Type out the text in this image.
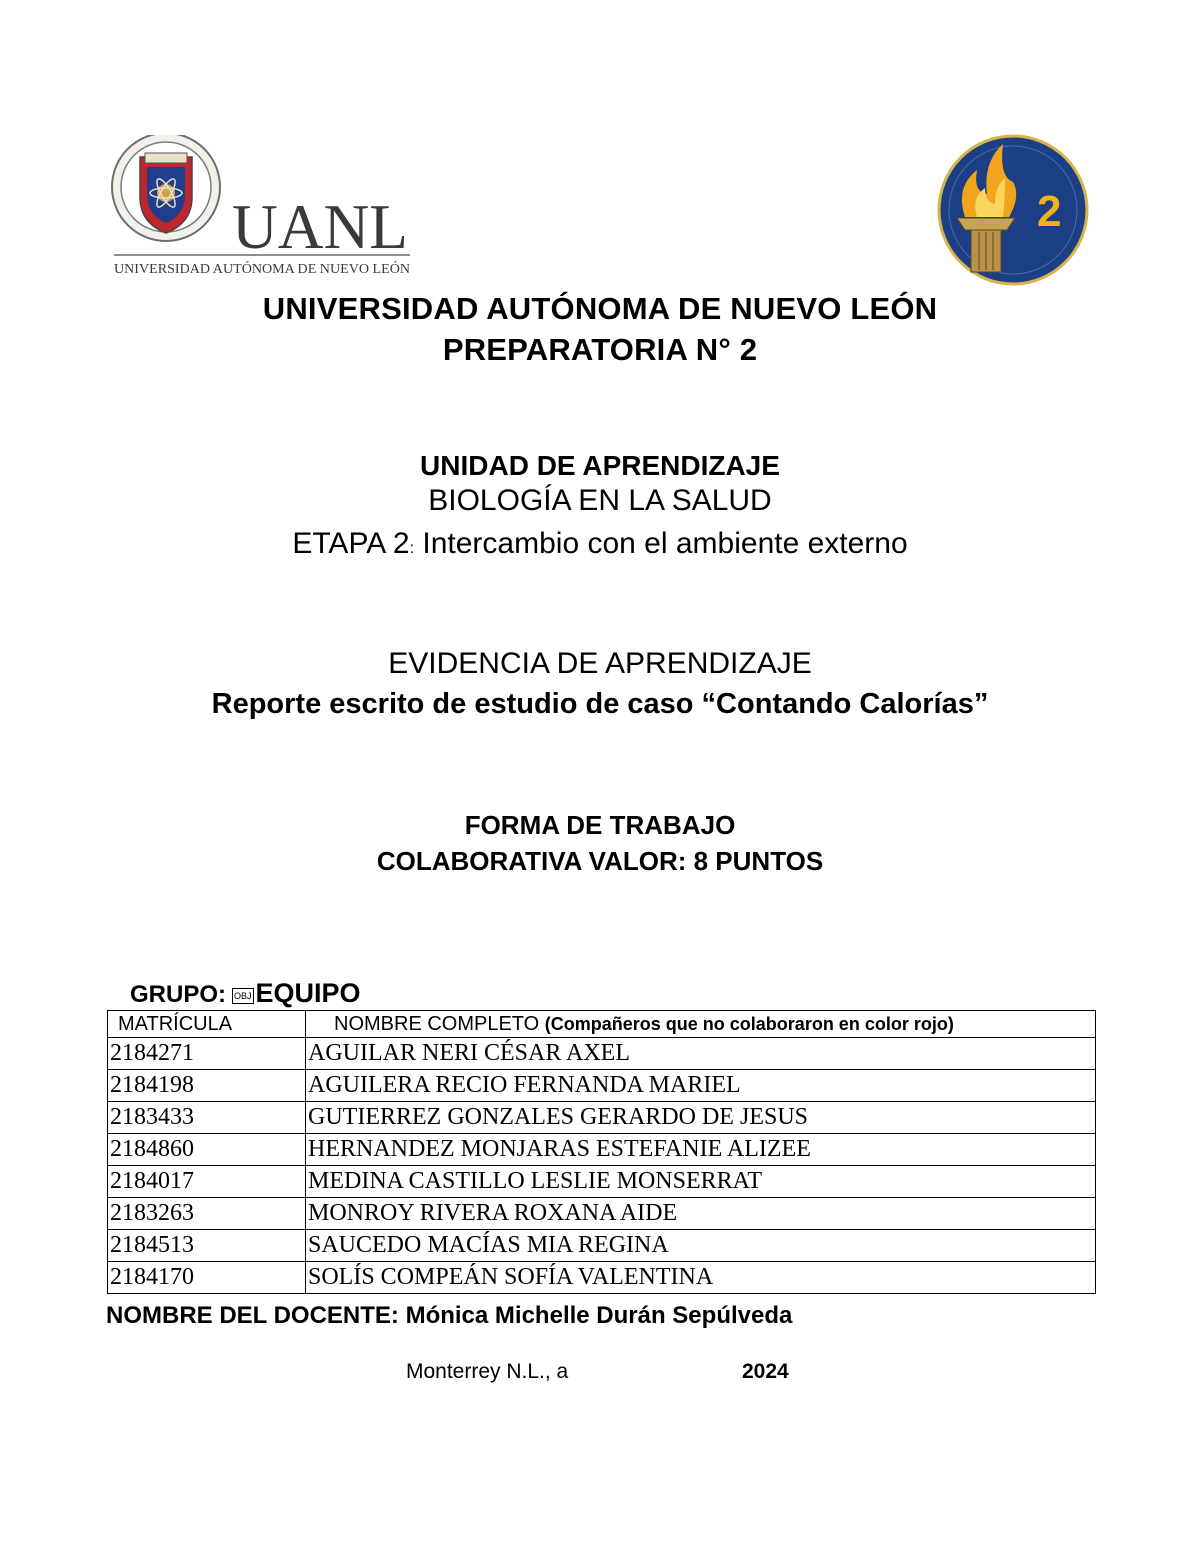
UANL
UNIVERSIDAD AUTÓNOMA DE NUEVO LEÓN
2
UNIVERSIDAD AUTÓNOMA DE NUEVO LEÓN
PREPARATORIA N° 2
UNIDAD DE APRENDIZAJE
BIOLOGÍA EN LA SALUD
ETAPA 2: Intercambio con el ambiente externo
EVIDENCIA DE APRENDIZAJE
Reporte escrito de estudio de caso “Contando Calorías”
FORMA DE TRABAJO
COLABORATIVA VALOR: 8 PUNTOS
GRUPO: OBJ EQUIPO
MATRÍCULA	NOMBRE COMPLETO (Compañeros que no colaboraron en color rojo)
2184271	AGUILAR NERI CÉSAR AXEL
2184198	AGUILERA RECIO FERNANDA MARIEL
2183433	GUTIERREZ GONZALES GERARDO DE JESUS
2184860	HERNANDEZ MONJARAS ESTEFANIE ALIZEE
2184017	MEDINA CASTILLO LESLIE MONSERRAT
2183263	MONROY RIVERA ROXANA AIDE
2184513	SAUCEDO MACÍAS MIA REGINA
2184170	SOLÍS COMPEÁN SOFÍA VALENTINA
NOMBRE DEL DOCENTE: Mónica Michelle Durán Sepúlveda
Monterrey N.L., a	2024
